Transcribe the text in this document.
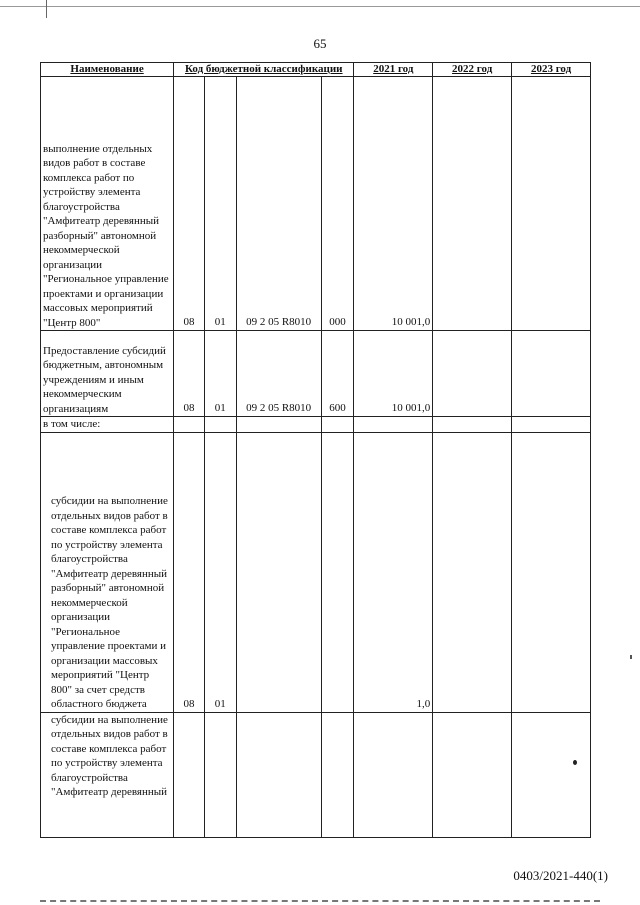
65
Наименование	Код бюджетной классификации				2021 год	2022 год	2023 год
выполнение отдельных видов работ в составе комплекса работ по устройству элемента благоустройства "Амфитеатр деревянный разборный" автономной некоммерческой организации "Региональное управление проектами и организации массовых мероприятий "Центр 800"	08	01	09 2 05 R8010	000	10 001,0		

Предоставление субсидий бюджетным, автономным учреждениям и иным некоммерческим организациям	08	01	09 2 05 R8010	600	10 001,0		

в том числе:	

субсидии на выполнение отдельных видов работ в составе комплекса работ по устройству элемента благоустройства "Амфитеатр деревянный разборный" автономной некоммерческой организации "Региональное управление проектами и организации массовых мероприятий "Центр 800" за счет средств областного бюджета	08	01			1,0		

субсидии на выполнение отдельных видов работ в составе комплекса работ по устройству элемента благоустройства "Амфитеатр деревянный	

0403/2021-440(1)
